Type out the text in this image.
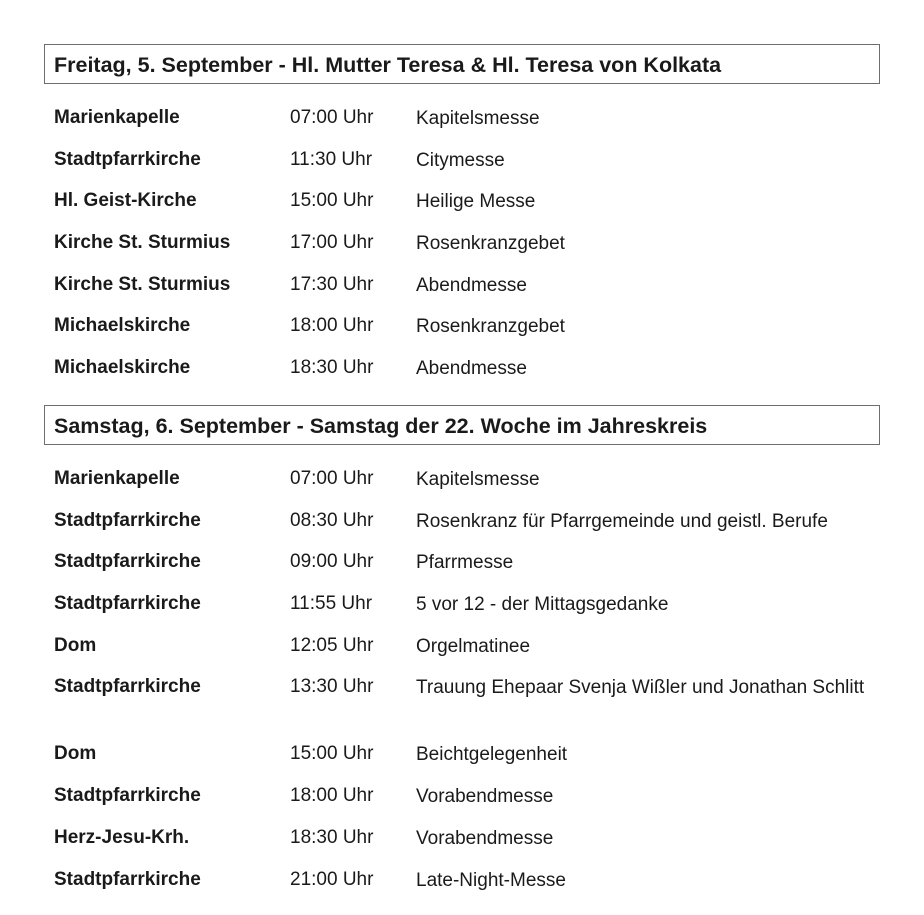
Freitag, 5. September - Hl. Mutter Teresa & Hl. Teresa von Kolkata
Marienkapelle	07:00 Uhr Kapitelsmesse
Stadtpfarrkirche	11:30 Uhr Citymesse
Hl. Geist-Kirche	15:00 Uhr Heilige Messe
Kirche St. Sturmius	17:00 Uhr Rosenkranzgebet
Kirche St. Sturmius	17:30 Uhr Abendmesse
Michaelskirche	18:00 Uhr Rosenkranzgebet
Michaelskirche	18:30 Uhr Abendmesse
Samstag, 6. September - Samstag der 22. Woche im Jahreskreis
Marienkapelle	07:00 Uhr Kapitelsmesse
Stadtpfarrkirche	08:30 Uhr Rosenkranz für Pfarrgemeinde und geistl. Berufe
Stadtpfarrkirche	09:00 Uhr Pfarrmesse
Stadtpfarrkirche	11:55 Uhr 5 vor 12 - der Mittagsgedanke
Dom	12:05 Uhr Orgelmatinee
Stadtpfarrkirche	13:30 Uhr Trauung Ehepaar Svenja Wißler und Jonathan Schlitt
Dom	15:00 Uhr Beichtgelegenheit
Stadtpfarrkirche	18:00 Uhr Vorabendmesse
Herz-Jesu-Krh.	18:30 Uhr Vorabendmesse
Stadtpfarrkirche	21:00 Uhr Late-Night-Messe
